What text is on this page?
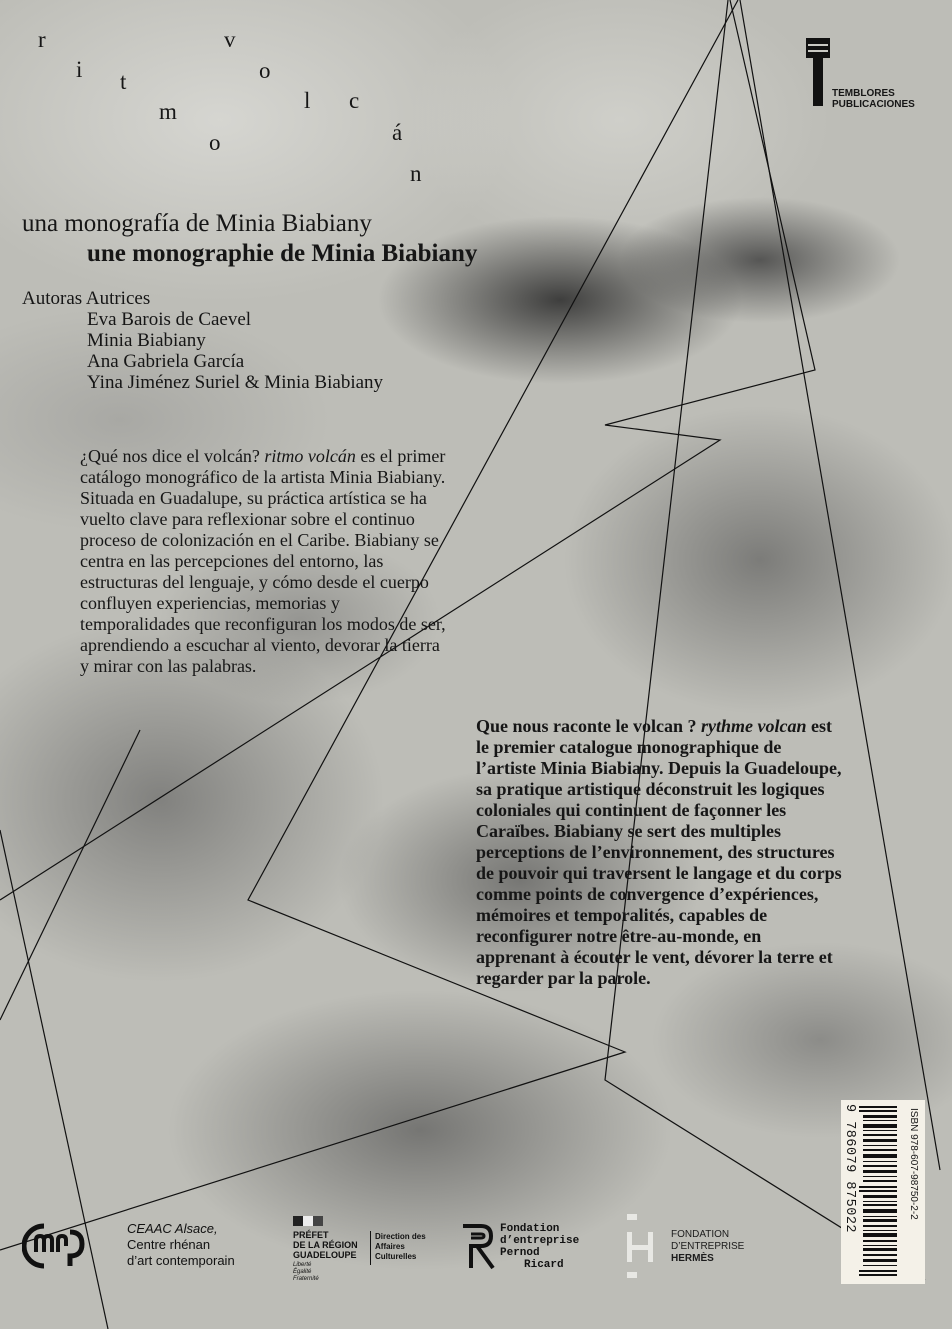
r
i t
m
o
v
o
l c
á
n
una monografía de Minia Biabiany
une monographie de Minia Biabiany
Autoras Autrices
Eva Barois de Caevel
Minia Biabiany
Ana Gabriela García
Yina Jiménez Suriel & Minia Biabiany

¿Qué nos dice el volcán? ritmo volcán es el primer catálogo monográfico de la artista Minia Biabiany. Situada en Guadalupe, su práctica artística se ha vuelto clave para reflexionar sobre el continuo proceso de colonización en el Caribe. Biabiany se centra en las percepciones del entorno, las estructuras del lenguaje, y cómo desde el cuerpo confluyen experiencias, memorias y temporalidades que reconfiguran los modos de ser, aprendiendo a escuchar al viento, devorar la tierra y mirar con las palabras.

Que nous raconte le volcan ? rythme volcan est le premier catalogue monographique de l’artiste Minia Biabiany. Depuis la Guadeloupe, sa pratique artistique déconstruit les logiques coloniales qui continuent de façonner les Caraïbes. Biabiany se sert des multiples perceptions de l’environnement, des structures de pouvoir qui traversent le langage et du corps comme points de convergence d’expériences, mémoires et temporalités, capables de reconfigurer notre être-au-monde, en apprenant à écouter le vent, dévorer la terre et regarder par la parole.

TEMBLORES
PUBLICACIONES
ISBN 978-607-98750-2-2
9 786079 875022
CEAAC Alsace,
Centre rhénan
d’art contemporain
PRÉFET
DE LA RÉGION
GUADELOUPE
Liberté
Égalité
Fraternité
Direction des
Affaires
Culturelles
Fondation
d’entreprise
Pernod
Ricard
FONDATION
D’ENTREPRISE
HERMÈS
